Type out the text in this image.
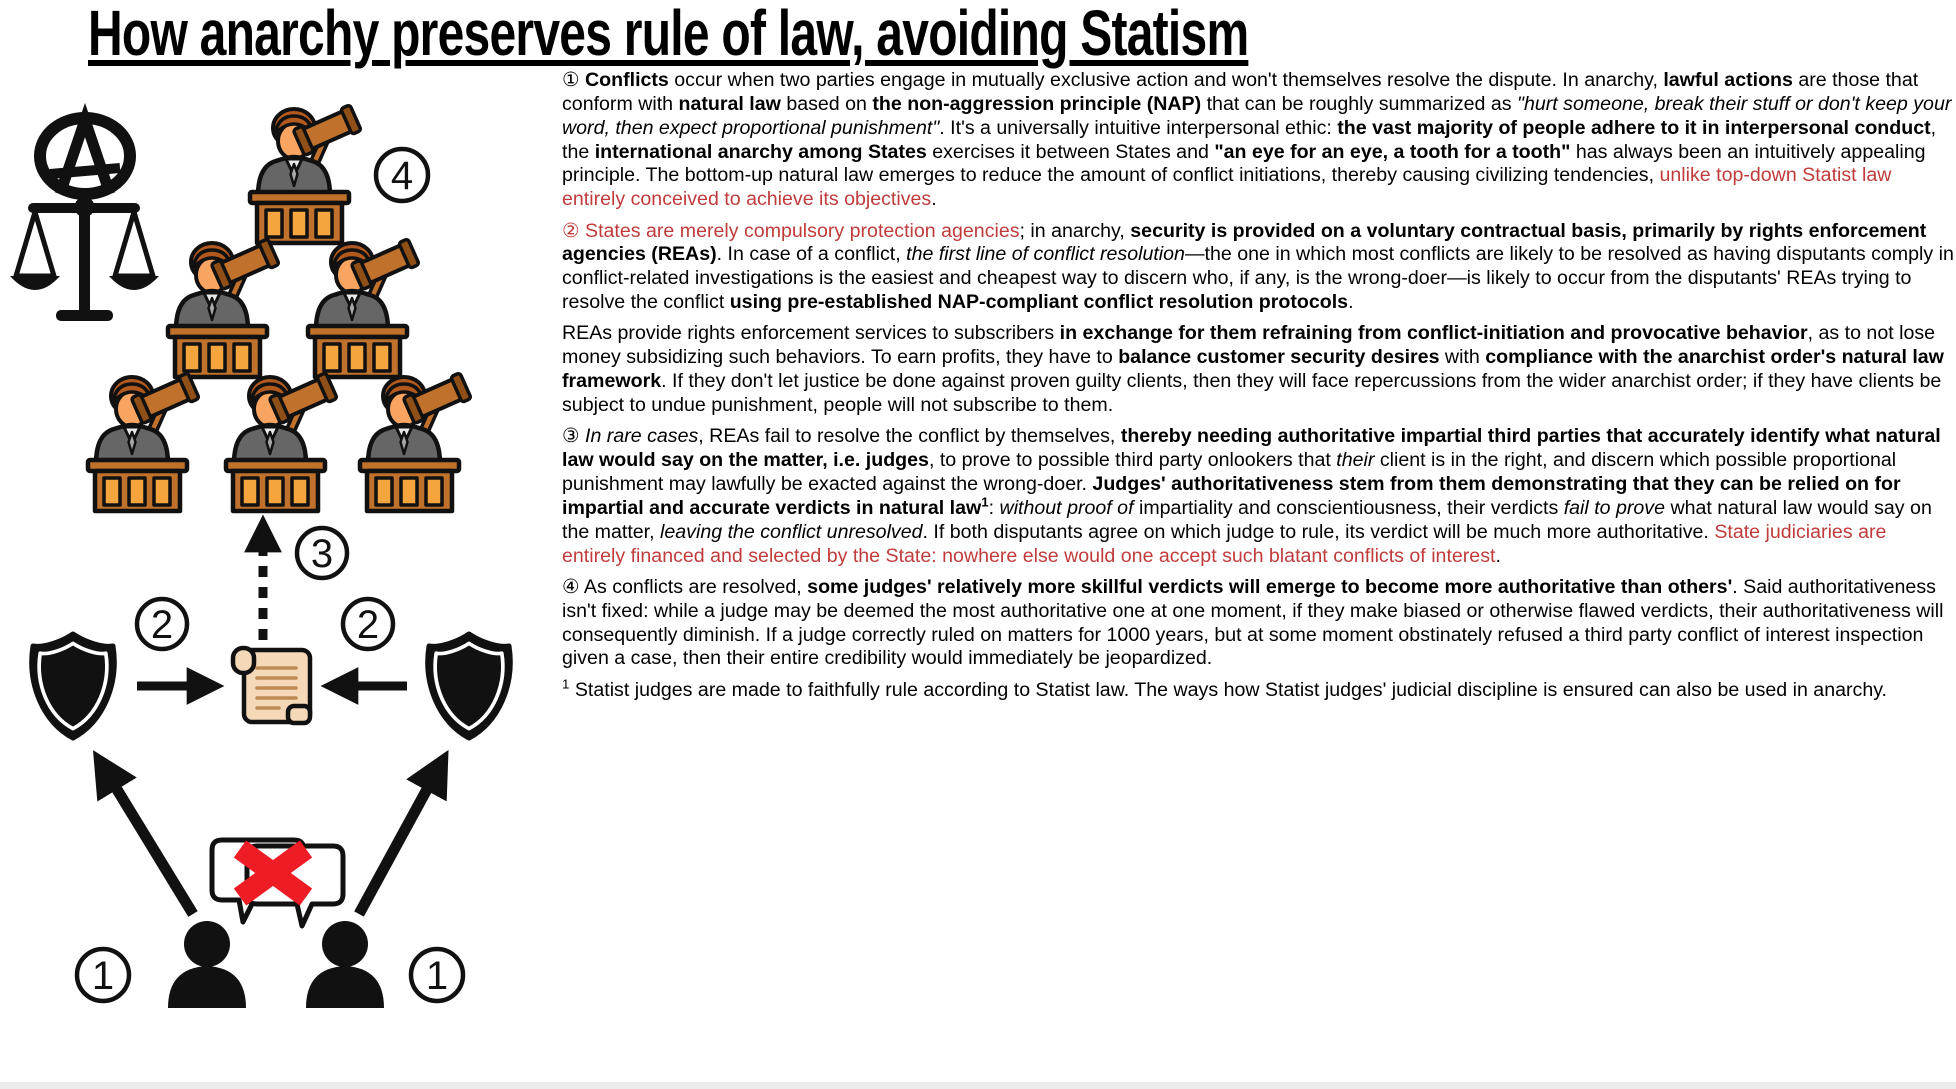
How anarchy preserves rule of law, avoiding Statism
4
3
2	2
1	1

① Conflicts occur when two parties engage in mutually exclusive action and won't themselves resolve the dispute. In anarchy, lawful actions are those that conform with natural law based on the non-aggression principle (NAP) that can be roughly summarized as "hurt someone, break their stuff or don't keep your word, then expect proportional punishment". It's a universally intuitive interpersonal ethic: the vast majority of people adhere to it in interpersonal conduct, the international anarchy among States exercises it between States and "an eye for an eye, a tooth for a tooth" has always been an intuitively appealing principle. The bottom-up natural law emerges to reduce the amount of conflict initiations, thereby causing civilizing tendencies, unlike top-down Statist law entirely conceived to achieve its objectives.

② States are merely compulsory protection agencies; in anarchy, security is provided on a voluntary contractual basis, primarily by rights enforcement agencies (REAs). In case of a conflict, the first line of conflict resolution—the one in which most conflicts are likely to be resolved as having disputants comply in conflict-related investigations is the easiest and cheapest way to discern who, if any, is the wrong-doer—is likely to occur from the disputants' REAs trying to resolve the conflict using pre-established NAP-compliant conflict resolution protocols.

REAs provide rights enforcement services to subscribers in exchange for them refraining from conflict-initiation and provocative behavior, as to not lose money subsidizing such behaviors. To earn profits, they have to balance customer security desires with compliance with the anarchist order's natural law framework. If they don't let justice be done against proven guilty clients, then they will face repercussions from the wider anarchist order; if they have clients be subject to undue punishment, people will not subscribe to them.

③ In rare cases, REAs fail to resolve the conflict by themselves, thereby needing authoritative impartial third parties that accurately identify what natural law would say on the matter, i.e. judges, to prove to possible third party onlookers that their client is in the right, and discern which possible proportional punishment may lawfully be exacted against the wrong-doer. Judges' authoritativeness stem from them demonstrating that they can be relied on for impartial and accurate verdicts in natural law$^1$: without proof of impartiality and conscientiousness, their verdicts fail to prove what natural law would say on the matter, leaving the conflict unresolved. If both disputants agree on which judge to rule, its verdict will be much more authoritative. State judiciaries are entirely financed and selected by the State: nowhere else would one accept such blatant conflicts of interest.

④ As conflicts are resolved, some judges' relatively more skillful verdicts will emerge to become more authoritative than others'. Said authoritativeness isn't fixed: while a judge may be deemed the most authoritative one at one moment, if they make biased or otherwise flawed verdicts, their authoritativeness will consequently diminish. If a judge correctly ruled on matters for 1000 years, but at some moment obstinately refused a third party conflict of interest inspection given a case, then their entire credibility would immediately be jeopardized.

$^1$ Statist judges are made to faithfully rule according to Statist law. The ways how Statist judges' judicial discipline is ensured can also be used in anarchy.
